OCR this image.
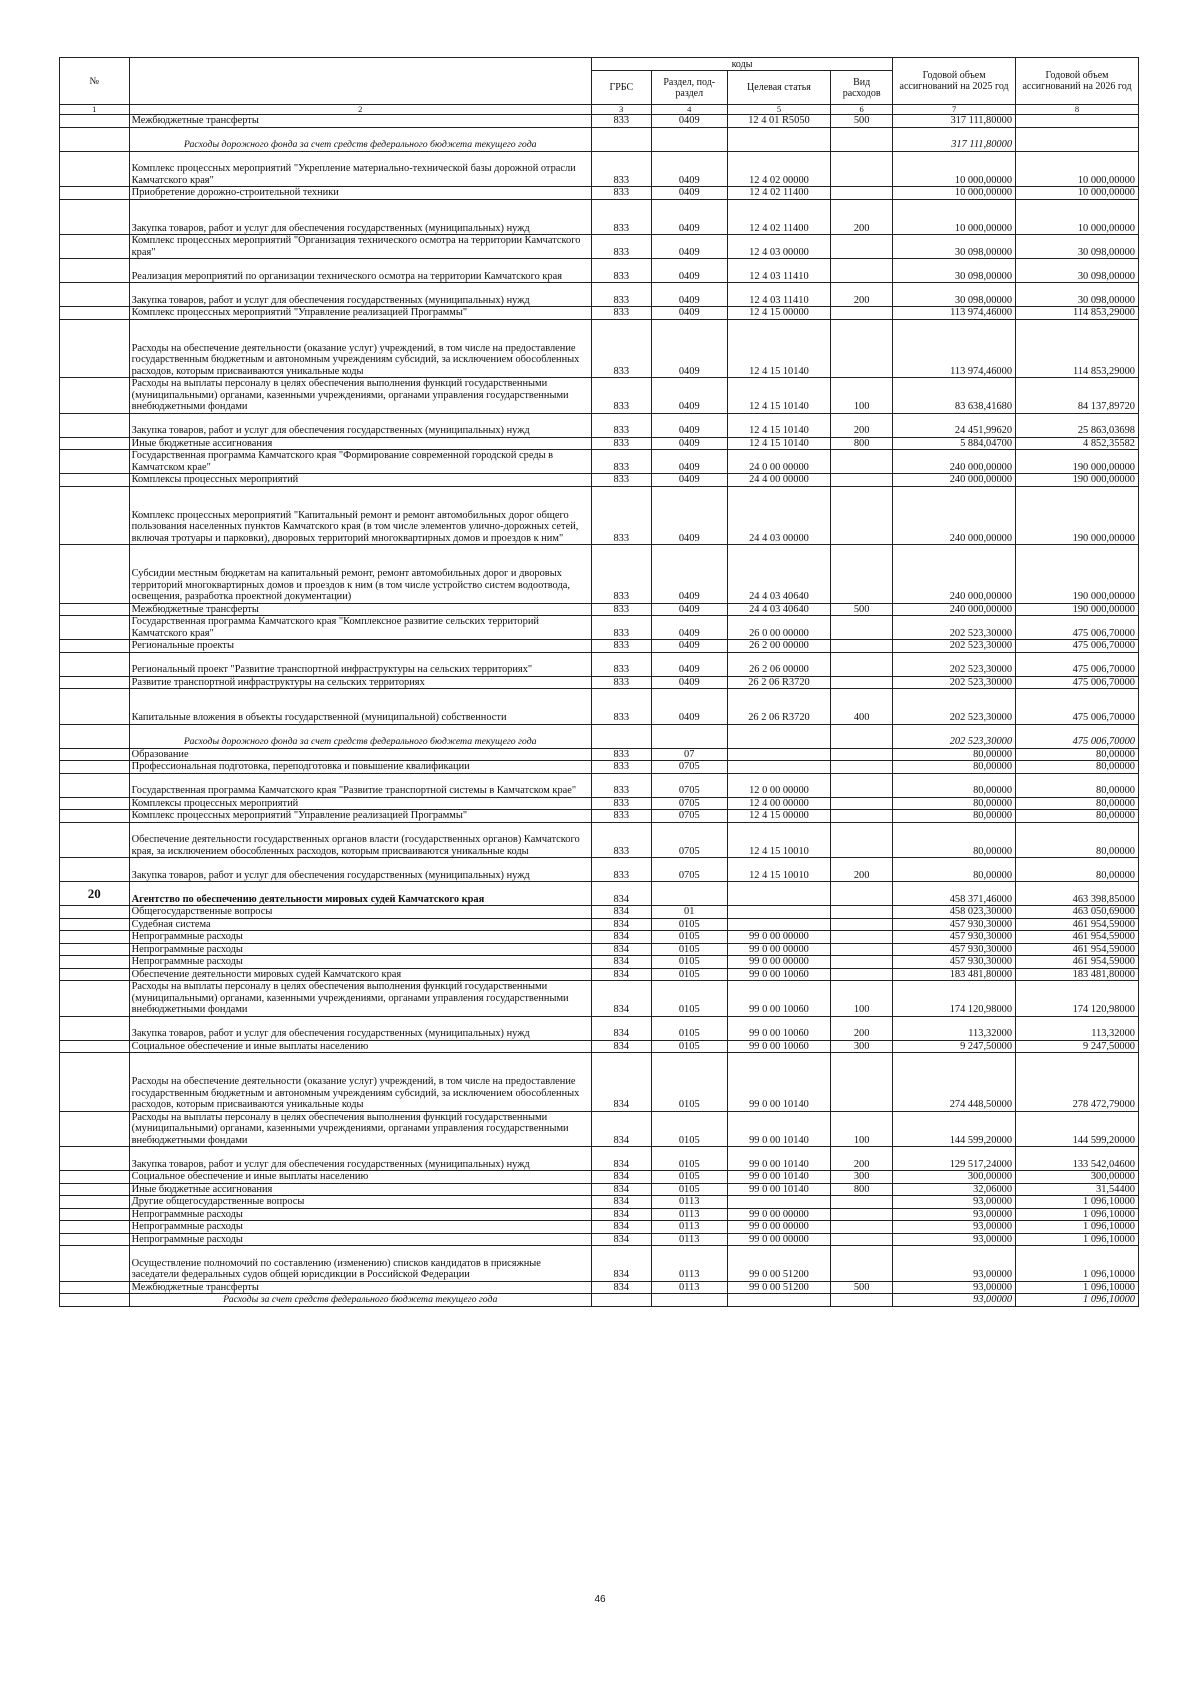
№		коды				Годовой объем ассигнований на 2025 год	Годовой объем ассигнований на 2026 год
		ГРБС	Раздел, под-раздел	Целевая статья	Вид расходов		
1	2	3	4	5	6	7	8
	Межбюджетные трансферты	833	0409	12 4 01 R5050	500	317 111,80000	
	Расходы дорожного фонда за счет средств федерального бюджета текущего года					317 111,80000	
	Комплекс процессных мероприятий "Укрепление материально-технической базы дорожной отрасли Камчатского края"	833	0409	12 4 02 00000		10 000,00000	10 000,00000
	Приобретение дорожно-строительной техники	833	0409	12 4 02 11400		10 000,00000	10 000,00000
	Закупка товаров, работ и услуг для обеспечения государственных (муниципальных) нужд	833	0409	12 4 02 11400	200	10 000,00000	10 000,00000
	Комплекс процессных мероприятий "Организация технического осмотра на территории Камчатского края"	833	0409	12 4 03 00000		30 098,00000	30 098,00000
	Реализация мероприятий по организации технического осмотра на территории Камчатского края	833	0409	12 4 03 11410		30 098,00000	30 098,00000
	Закупка товаров, работ и услуг для обеспечения государственных (муниципальных) нужд	833	0409	12 4 03 11410	200	30 098,00000	30 098,00000
	Комплекс процессных мероприятий "Управление реализацией Программы"	833	0409	12 4 15 00000		113 974,46000	114 853,29000
	Расходы на обеспечение деятельности (оказание услуг) учреждений, в том числе на предоставление государственным бюджетным и автономным учреждениям субсидий, за исключением обособленных расходов, которым присваиваются уникальные коды	833	0409	12 4 15 10140		113 974,46000	114 853,29000
	Расходы на выплаты персоналу в целях обеспечения выполнения функций государственными (муниципальными) органами, казенными учреждениями, органами управления государственными внебюджетными фондами	833	0409	12 4 15 10140	100	83 638,41680	84 137,89720
	Закупка товаров, работ и услуг для обеспечения государственных (муниципальных) нужд	833	0409	12 4 15 10140	200	24 451,99620	25 863,03698
	Иные бюджетные ассигнования	833	0409	12 4 15 10140	800	5 884,04700	4 852,35582
	Государственная программа Камчатского края "Формирование современной городской среды в Камчатском крае"	833	0409	24 0 00 00000		240 000,00000	190 000,00000
	Комплексы процессных мероприятий	833	0409	24 4 00 00000		240 000,00000	190 000,00000
	Комплекс процессных мероприятий "Капитальный ремонт и ремонт автомобильных дорог общего пользования населенных пунктов Камчатского края (в том числе элементов улично-дорожных сетей, включая тротуары и парковки), дворовых территорий многоквартирных домов и проездов к ним"	833	0409	24 4 03 00000		240 000,00000	190 000,00000
	Субсидии местным бюджетам на капитальный ремонт, ремонт автомобильных дорог и дворовых территорий многоквартирных домов и проездов к ним (в том числе устройство систем водоотвода, освещения, разработка проектной документации)	833	0409	24 4 03 40640		240 000,00000	190 000,00000
	Межбюджетные трансферты	833	0409	24 4 03 40640	500	240 000,00000	190 000,00000
	Государственная программа Камчатского края "Комплексное развитие сельских территорий Камчатского края"	833	0409	26 0 00 00000		202 523,30000	475 006,70000
	Региональные проекты	833	0409	26 2 00 00000		202 523,30000	475 006,70000
	Региональный проект "Развитие транспортной инфраструктуры на сельских территориях"	833	0409	26 2 06 00000		202 523,30000	475 006,70000
	Развитие транспортной инфраструктуры на сельских территориях	833	0409	26 2 06 R3720		202 523,30000	475 006,70000
	Капитальные вложения в объекты государственной (муниципальной) собственности	833	0409	26 2 06 R3720	400	202 523,30000	475 006,70000
	Расходы дорожного фонда за счет средств федерального бюджета текущего года					202 523,30000	475 006,70000
	Образование	833	07			80,00000	80,00000
	Профессиональная подготовка, переподготовка и повышение квалификации	833	0705			80,00000	80,00000
	Государственная программа Камчатского края "Развитие транспортной системы в Камчатском крае"	833	0705	12 0 00 00000		80,00000	80,00000
	Комплексы процессных мероприятий	833	0705	12 4 00 00000		80,00000	80,00000
	Комплекс процессных мероприятий "Управление реализацией Программы"	833	0705	12 4 15 00000		80,00000	80,00000
	Обеспечение деятельности государственных органов власти (государственных органов) Камчатского края, за исключением обособленных расходов, которым присваиваются уникальные коды	833	0705	12 4 15 10010		80,00000	80,00000
	Закупка товаров, работ и услуг для обеспечения государственных (муниципальных) нужд	833	0705	12 4 15 10010	200	80,00000	80,00000
20	Агентство по обеспечению деятельности мировых судей Камчатского края	834				458 371,46000	463 398,85000
	Общегосударственные вопросы	834	01			458 023,30000	463 050,69000
	Судебная система	834	0105			457 930,30000	461 954,59000
	Непрограммные расходы	834	0105	99 0 00 00000		457 930,30000	461 954,59000
	Непрограммные расходы	834	0105	99 0 00 00000		457 930,30000	461 954,59000
	Непрограммные расходы	834	0105	99 0 00 00000		457 930,30000	461 954,59000
	Обеспечение деятельности мировых судей Камчатского края	834	0105	99 0 00 10060		183 481,80000	183 481,80000
	Расходы на выплаты персоналу в целях обеспечения выполнения функций государственными (муниципальными) органами, казенными учреждениями, органами управления государственными внебюджетными фондами	834	0105	99 0 00 10060	100	174 120,98000	174 120,98000
	Закупка товаров, работ и услуг для обеспечения государственных (муниципальных) нужд	834	0105	99 0 00 10060	200	113,32000	113,32000
	Социальное обеспечение и иные выплаты населению	834	0105	99 0 00 10060	300	9 247,50000	9 247,50000
	Расходы на обеспечение деятельности (оказание услуг) учреждений, в том числе на предоставление государственным бюджетным и автономным учреждениям субсидий, за исключением обособленных расходов, которым присваиваются уникальные коды	834	0105	99 0 00 10140		274 448,50000	278 472,79000
	Расходы на выплаты персоналу в целях обеспечения выполнения функций государственными (муниципальными) органами, казенными учреждениями, органами управления государственными внебюджетными фондами	834	0105	99 0 00 10140	100	144 599,20000	144 599,20000
	Закупка товаров, работ и услуг для обеспечения государственных (муниципальных) нужд	834	0105	99 0 00 10140	200	129 517,24000	133 542,04600
	Социальное обеспечение и иные выплаты населению	834	0105	99 0 00 10140	300	300,00000	300,00000
	Иные бюджетные ассигнования	834	0105	99 0 00 10140	800	32,06000	31,54400
	Другие общегосударственные вопросы	834	0113			93,00000	1 096,10000
	Непрограммные расходы	834	0113	99 0 00 00000		93,00000	1 096,10000
	Непрограммные расходы	834	0113	99 0 00 00000		93,00000	1 096,10000
	Непрограммные расходы	834	0113	99 0 00 00000		93,00000	1 096,10000
	Осуществление полномочий по составлению (изменению) списков кандидатов в присяжные заседатели федеральных судов общей юрисдикции в Российской Федерации	834	0113	99 0 00 51200		93,00000	1 096,10000
	Межбюджетные трансферты	834	0113	99 0 00 51200	500	93,00000	1 096,10000
	Расходы за счет средств федерального бюджета текущего года					93,00000	1 096,10000
46
